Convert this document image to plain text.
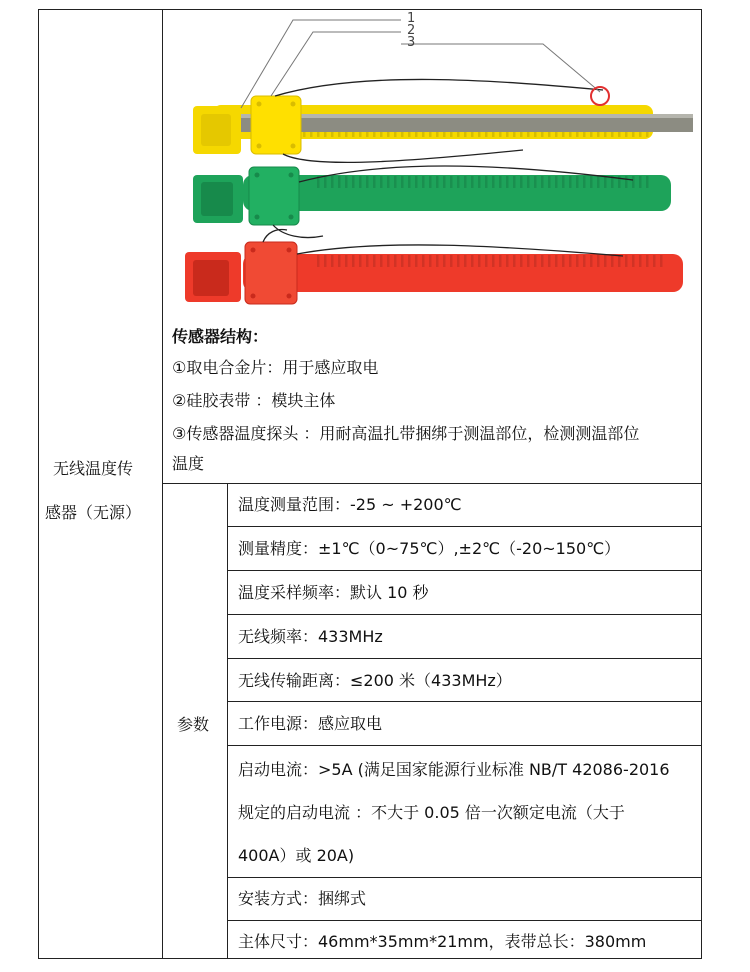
无线温度传
感器（无源）
1
2
3
传感器结构：
①取电合金片：用于感应取电
②硅胶表带 ：模块主体
③传感器温度探头 ：用耐高温扎带捆绑于测温部位，检测测温部位
温度
参数
温度测量范围：-25 ~ +200℃
测量精度：±1℃（0~75℃）,±2℃（-20~150℃）
温度采样频率：默认 10 秒
无线频率：433MHz
无线传输距离：≤200 米（433MHz）
工作电源：感应取电
启动电流：>5A (满足国家能源行业标准 NB/T 42086-2016
规定的启动电流 ：不大于 0.05 倍一次额定电流（大于
400A）或 20A)
安装方式：捆绑式
主体尺寸：46mm*35mm*21mm，表带总长：380mm
